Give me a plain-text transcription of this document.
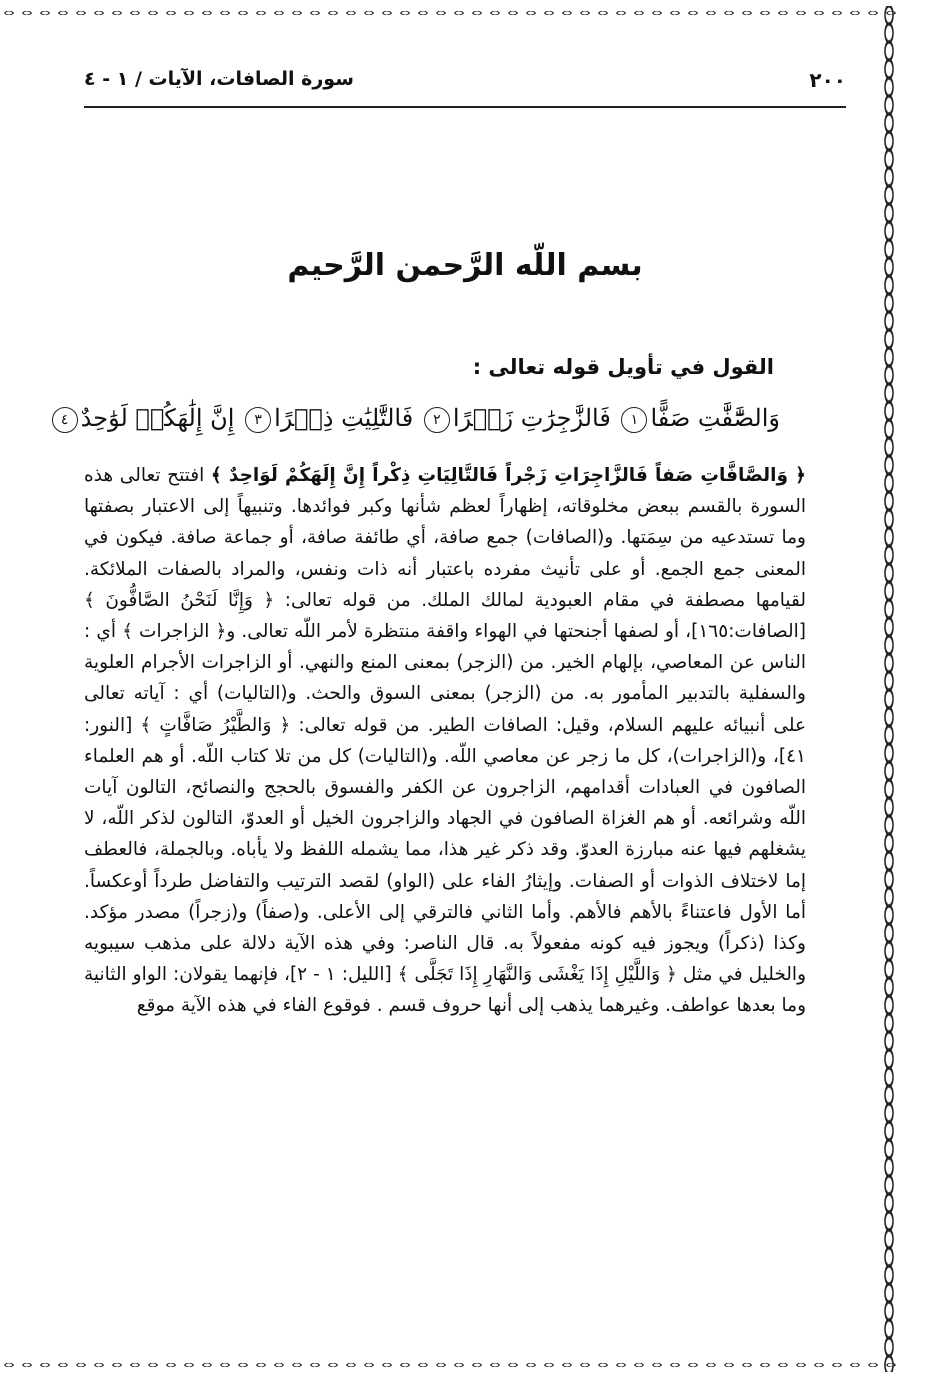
٢٠٠
سورة الصافات، الآيات / ١ - ٤
بسم اللّه الرَّحمن الرَّحيم
القول في تأويل قوله تعالى :
وَالصَّٰٓفَّٰتِ صَفًّا١ فَالزَّٰجِرَٰتِ زَجۡرًا٢ فَالتَّٰلِيَٰتِ ذِكۡرًا٣ إِنَّ إِلَٰهَكُمۡ لَوَٰحِدٌ٤

﴿ وَالصَّافَّاتِ صَفاً فَالزَّاجِرَاتِ زَجْراً فَالتَّالِيَاتِ ذِكْراً إِنَّ إِلَهَكُمْ لَوَاحِدٌ ﴾ افتتح تعالى هذه السورة بالقسم ببعض مخلوقاته، إظهاراً لعظم شأنها وكبر فوائدها. وتنبيهاً إلى الاعتبار بصفتها وما تستدعيه من سِمَتها. و(الصافات) جمع صافة، أي طائفة صافة، أو جماعة صافة. فيكون في المعنى جمع الجمع. أو على تأنيث مفرده باعتبار أنه ذات ونفس، والمراد بالصفات الملائكة. لقيامها مصطفة في مقام العبودية لمالك الملك. من قوله تعالى: ﴿ وَإِنَّا لَنَحْنُ الصَّافُّونَ ﴾ [الصافات:١٦٥]، أو لصفها أجنحتها في الهواء واقفة منتظرة لأمر اللّه تعالى. و﴿ الزاجرات ﴾ أي : الناس عن المعاصي، بإلهام الخير. من (الزجر) بمعنى المنع والنهي. أو الزاجرات الأجرام العلوية والسفلية بالتدبير المأمور به. من (الزجر) بمعنى السوق والحث. و(التاليات) أي : آياته تعالى على أنبيائه عليهم السلام، وقيل: الصافات الطير. من قوله تعالى: ﴿ وَالطَّيْرُ صَافَّاتٍ ﴾ [النور: ٤١]، و(الزاجرات)، كل ما زجر عن معاصي اللّه. و(التاليات) كل من تلا كتاب اللّه. أو هم العلماء الصافون في العبادات أقدامهم، الزاجرون عن الكفر والفسوق بالحجج والنصائح، التالون آيات اللّه وشرائعه. أو هم الغزاة الصافون في الجهاد والزاجرون الخيل أو العدوّ، التالون لذكر اللّه، لا يشغلهم فيها عنه مبارزة العدوّ. وقد ذكر غير هذا، مما يشمله اللفظ ولا يأباه. وبالجملة، فالعطف إما لاختلاف الذوات أو الصفات. وإيثارُ الفاء على (الواو) لقصد الترتيب والتفاضل طرداً أوعكساً. أما الأول فاعتناءً بالأهم فالأهم. وأما الثاني فالترقي إلى الأعلى. و(صفاً) و(زجراً) مصدر مؤكد. وكذا (ذكراً) ويجوز فيه كونه مفعولاً به. قال الناصر: وفي هذه الآية دلالة على مذهب سيبويه والخليل في مثل ﴿ وَاللَّيْلِ إِذَا يَغْشَى وَالنَّهَارِ إِذَا تَجَلَّى ﴾ [الليل: ١ - ٢]، فإنهما يقولان: الواو الثانية وما بعدها عواطف. وغيرهما يذهب إلى أنها حروف قسم . فوقوع الفاء في هذه الآية موقع
